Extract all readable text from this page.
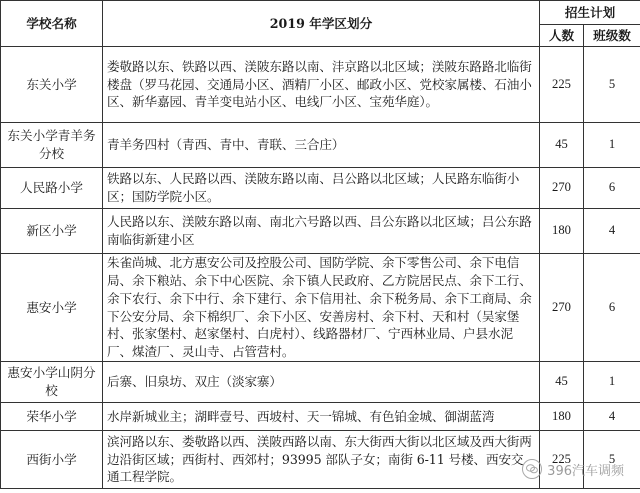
学校名称	2019 年学区划分	招生计划	
		人数	班级数
东关小学	娄敬路以东、铁路以西、渼陂东路以南、沣京路以北区域；渼陂东路路北临街楼盘（罗马花园、交通局小区、酒精厂小区、邮政小区、党校家属楼、石油小区、新华嘉园、青羊变电站小区、电线厂小区、宝苑华庭）。	225	5
东关小学青羊务分校	青羊务四村（青西、青中、青联、三合庄）	45	1
人民路小学	铁路以东、人民路以西、渼陂东路以南、吕公路以北区域；人民路东临街小区；国防学院小区。	270	6
新区小学	人民路以东、渼陂东路以南、南北六号路以西、吕公东路以北区域；吕公东路南临街新建小区	180	4
惠安小学	朱雀尚城、北方惠安公司及控股公司、国防学院、余下零售公司、余下电信局、余下粮站、余下中心医院、余下镇人民政府、乙方院居民点、余下工行、余下农行、余下中行、余下建行、余下信用社、余下税务局、余下工商局、余下公安分局、余下棉织厂、余下小区、安善房村、余下村、天和村（吴家堡村、张家堡村、赵家堡村、白虎村）、线路器材厂、宁西林业局、户县水泥厂、煤渣厂、灵山寺、占管营村。	270	6
惠安小学山阴分校	后寨、旧泉坊、双庄（淡家寨）	45	1
荣华小学	水岸新城业主；湖畔壹号、西坡村、天一锦城、有色铂金城、御湖蓝湾	180	4
西街小学	滨河路以东、娄敬路以西、渼陂西路以南、东大街西大街以北区域及西大街两边沿街区域；西街村、西郊村；93995 部队子女；南街 6-11 号楼、西安交通工程学院。	225	5
396汽车调频
